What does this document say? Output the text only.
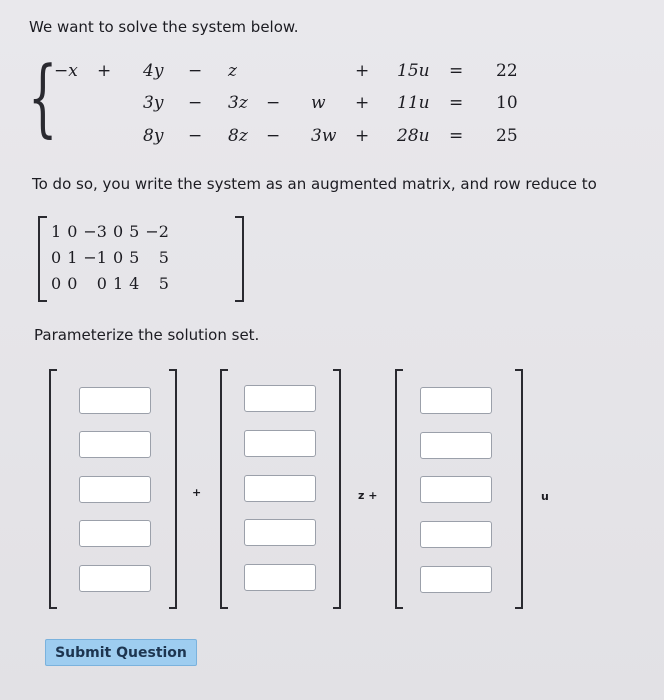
We want to solve the system below.
{
−x + 4y − z	+ 15u = 22
3y − 3z − w + 11u = 10
8y − 8z − 3w + 28u = 25
To do so, you write the system as an augmented matrix, and row reduce to
1	0	−3	0	5	−2
0	1	−1	0	5	5
0	0	0	1	4	5
Parameterize the solution set.
+	z +	u
Submit Question
